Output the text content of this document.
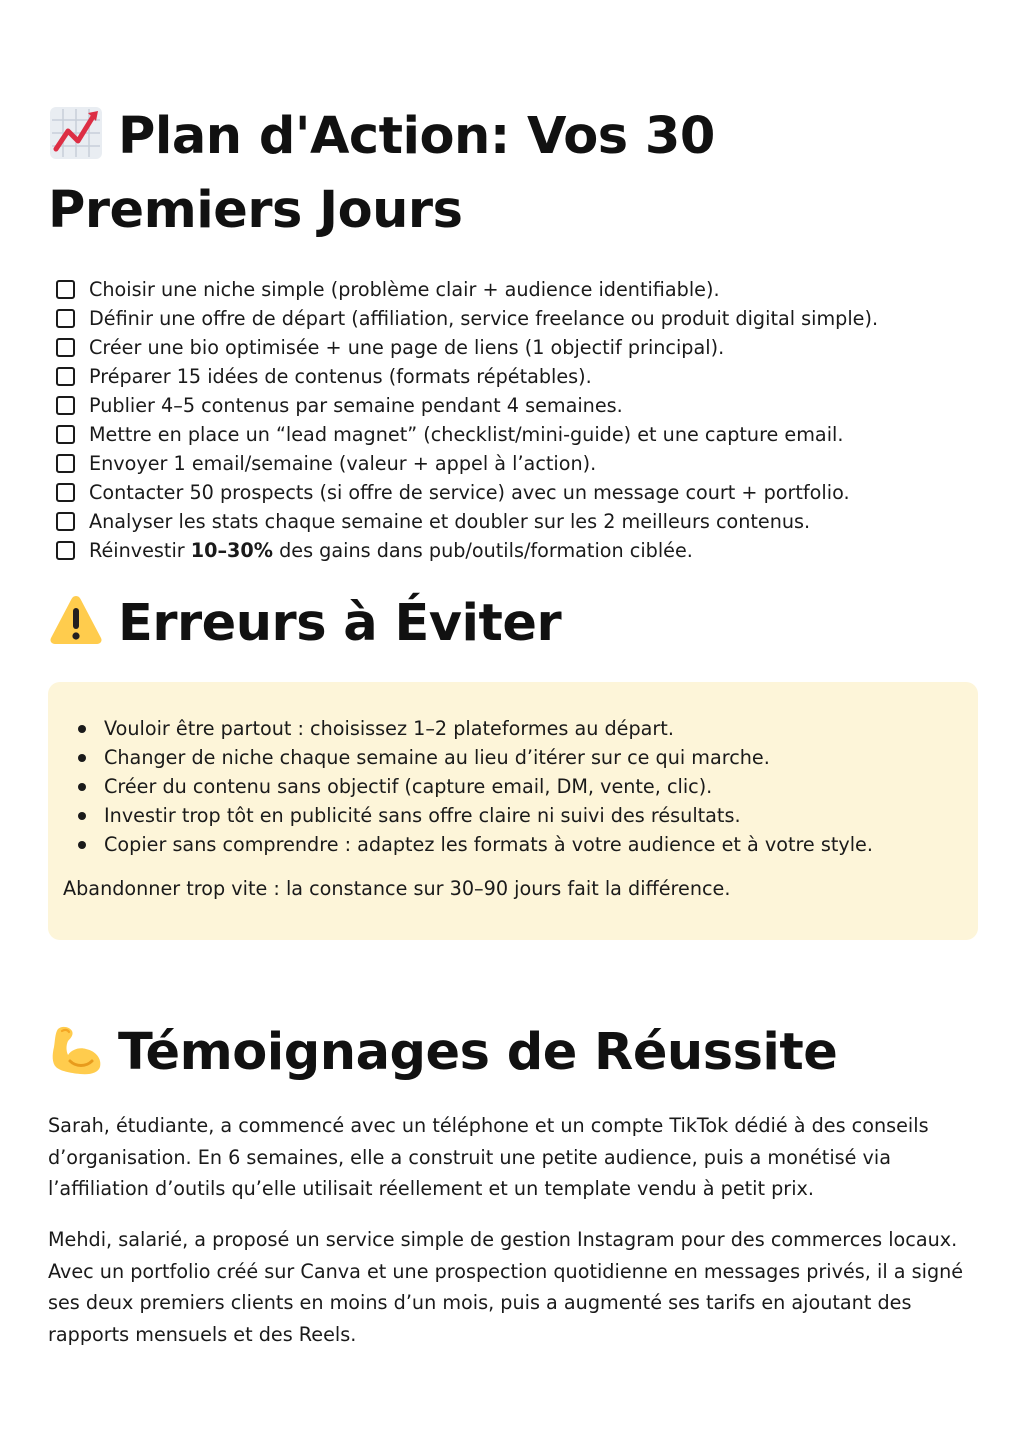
Plan d'Action: Vos 30 Premiers Jours
Choisir une niche simple (problème clair + audience identifiable).
Définir une offre de départ (affiliation, service freelance ou produit digital simple).
Créer une bio optimisée + une page de liens (1 objectif principal).
Préparer 15 idées de contenus (formats répétables).
Publier 4–5 contenus par semaine pendant 4 semaines.
Mettre en place un “lead magnet” (checklist/mini-guide) et une capture email.
Envoyer 1 email/semaine (valeur + appel à l’action).
Contacter 50 prospects (si offre de service) avec un message court + portfolio.
Analyser les stats chaque semaine et doubler sur les 2 meilleurs contenus.
Réinvestir 10–30% des gains dans pub/outils/formation ciblée.
Erreurs à Éviter
Vouloir être partout : choisissez 1–2 plateformes au départ.
Changer de niche chaque semaine au lieu d’itérer sur ce qui marche.
Créer du contenu sans objectif (capture email, DM, vente, clic).
Investir trop tôt en publicité sans offre claire ni suivi des résultats.
Copier sans comprendre : adaptez les formats à votre audience et à votre style.

Abandonner trop vite : la constance sur 30–90 jours fait la différence.

Témoignages de Réussite

Sarah, étudiante, a commencé avec un téléphone et un compte TikTok dédié à des conseils d’organisation. En 6 semaines, elle a construit une petite audience, puis a monétisé via l’affiliation d’outils qu’elle utilisait réellement et un template vendu à petit prix.

Mehdi, salarié, a proposé un service simple de gestion Instagram pour des commerces locaux. Avec un portfolio créé sur Canva et une prospection quotidienne en messages privés, il a signé ses deux premiers clients en moins d’un mois, puis a augmenté ses tarifs en ajoutant des rapports mensuels et des Reels.
